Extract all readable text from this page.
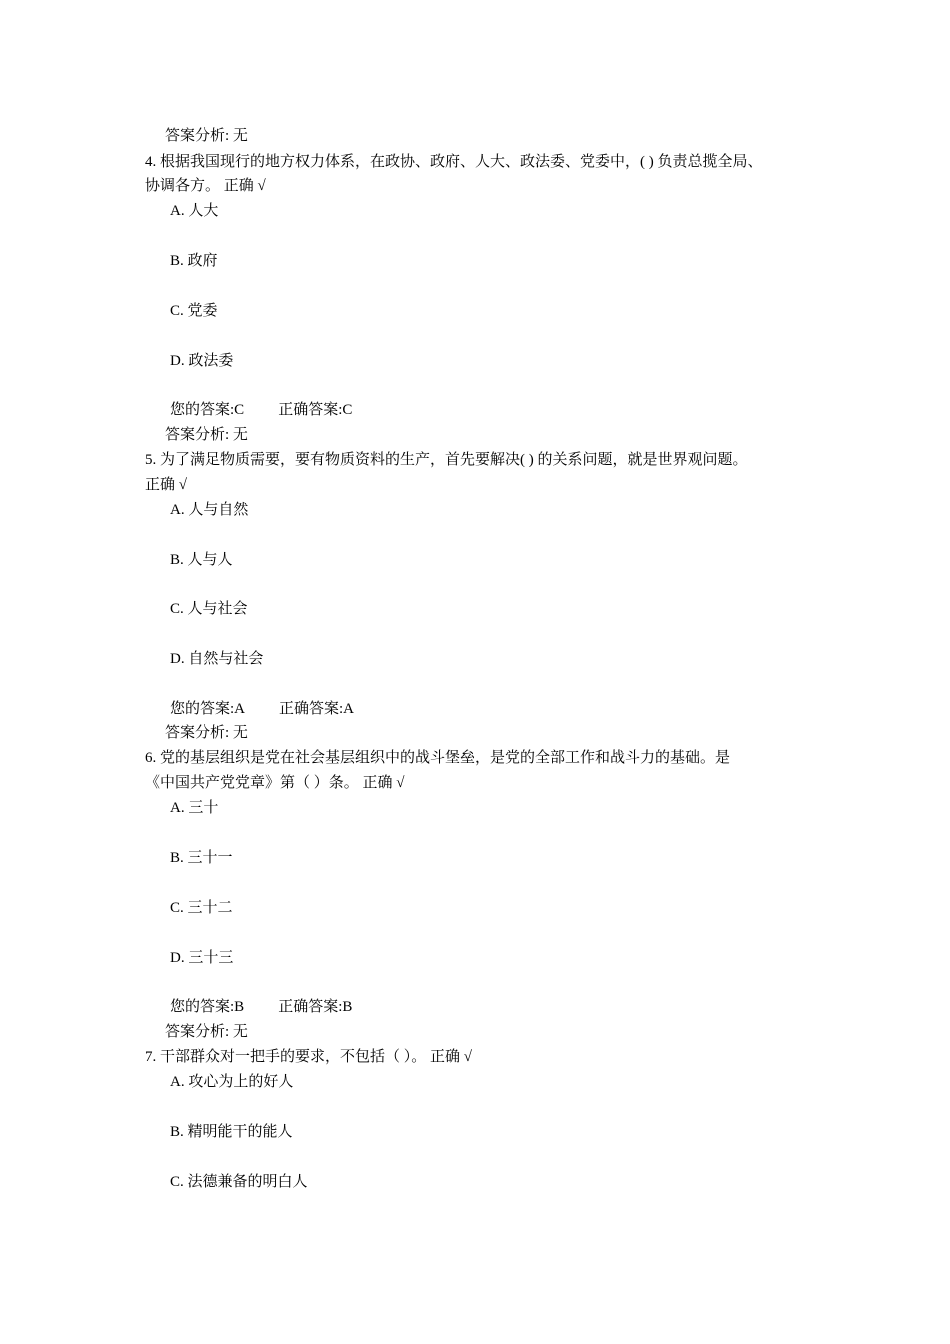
答案分析: 无
4. 根据我国现行的地方权力体系，在政协、政府、人大、政法委、党委中，( ) 负责总揽全局、
协调各方。 正确 √
A. 人大
B. 政府
C. 党委
D. 政法委
您的答案:C 正确答案:C
答案分析: 无
5. 为了满足物质需要，要有物质资料的生产，首先要解决( ) 的关系问题，就是世界观问题。
正确 √
A. 人与自然
B. 人与人
C. 人与社会
D. 自然与社会
您的答案:A 正确答案:A
答案分析: 无
6. 党的基层组织是党在社会基层组织中的战斗堡垒，是党的全部工作和战斗力的基础。是
《中国共产党党章》第（ ）条。 正确 √
A. 三十
B. 三十一
C. 三十二
D. 三十三
您的答案:B 正确答案:B
答案分析: 无
7. 干部群众对一把手的要求，不包括（ ）。 正确 √
A. 攻心为上的好人
B. 精明能干的能人
C. 法德兼备的明白人
